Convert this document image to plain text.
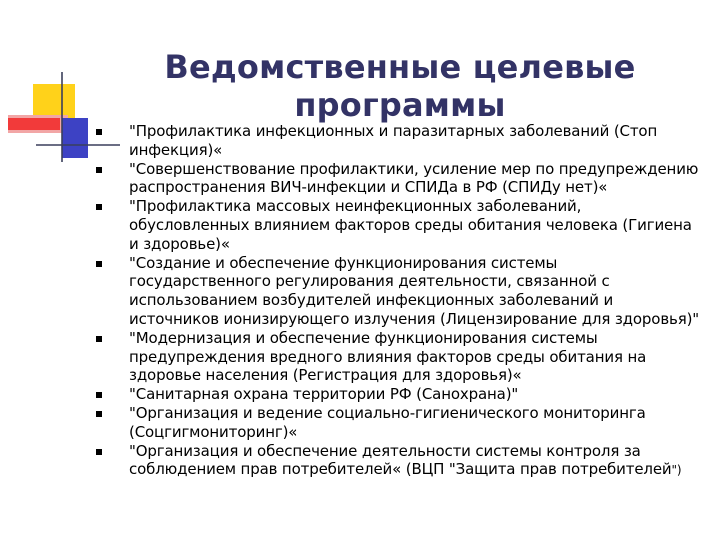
Ведомственные целевые программы
"Профилактика инфекционных и паразитарных заболеваний (Стоп инфекция)«
"Совершенствование профилактики, усиление мер по предупреждению распространения ВИЧ-инфекции и СПИДа в РФ (СПИДу нет)«
"Профилактика массовых неинфекционных заболеваний, обусловленных влиянием факторов среды обитания человека (Гигиена и здоровье)«
"Создание и обеспечение функционирования системы государственного регулирования деятельности, связанной с использованием возбудителей инфекционных заболеваний и источников ионизирующего излучения (Лицензирование для здоровья)"
"Модернизация и обеспечение функционирования системы предупреждения вредного влияния факторов среды обитания на здоровье населения (Регистрация для здоровья)«
"Санитарная охрана территории РФ (Санохрана)"
"Организация и ведение социально-гигиенического мониторинга (Соцгигмониторинг)«
"Организация и обеспечение деятельности системы контроля за соблюдением прав потребителей« (ВЦП "Защита прав потребителей")
